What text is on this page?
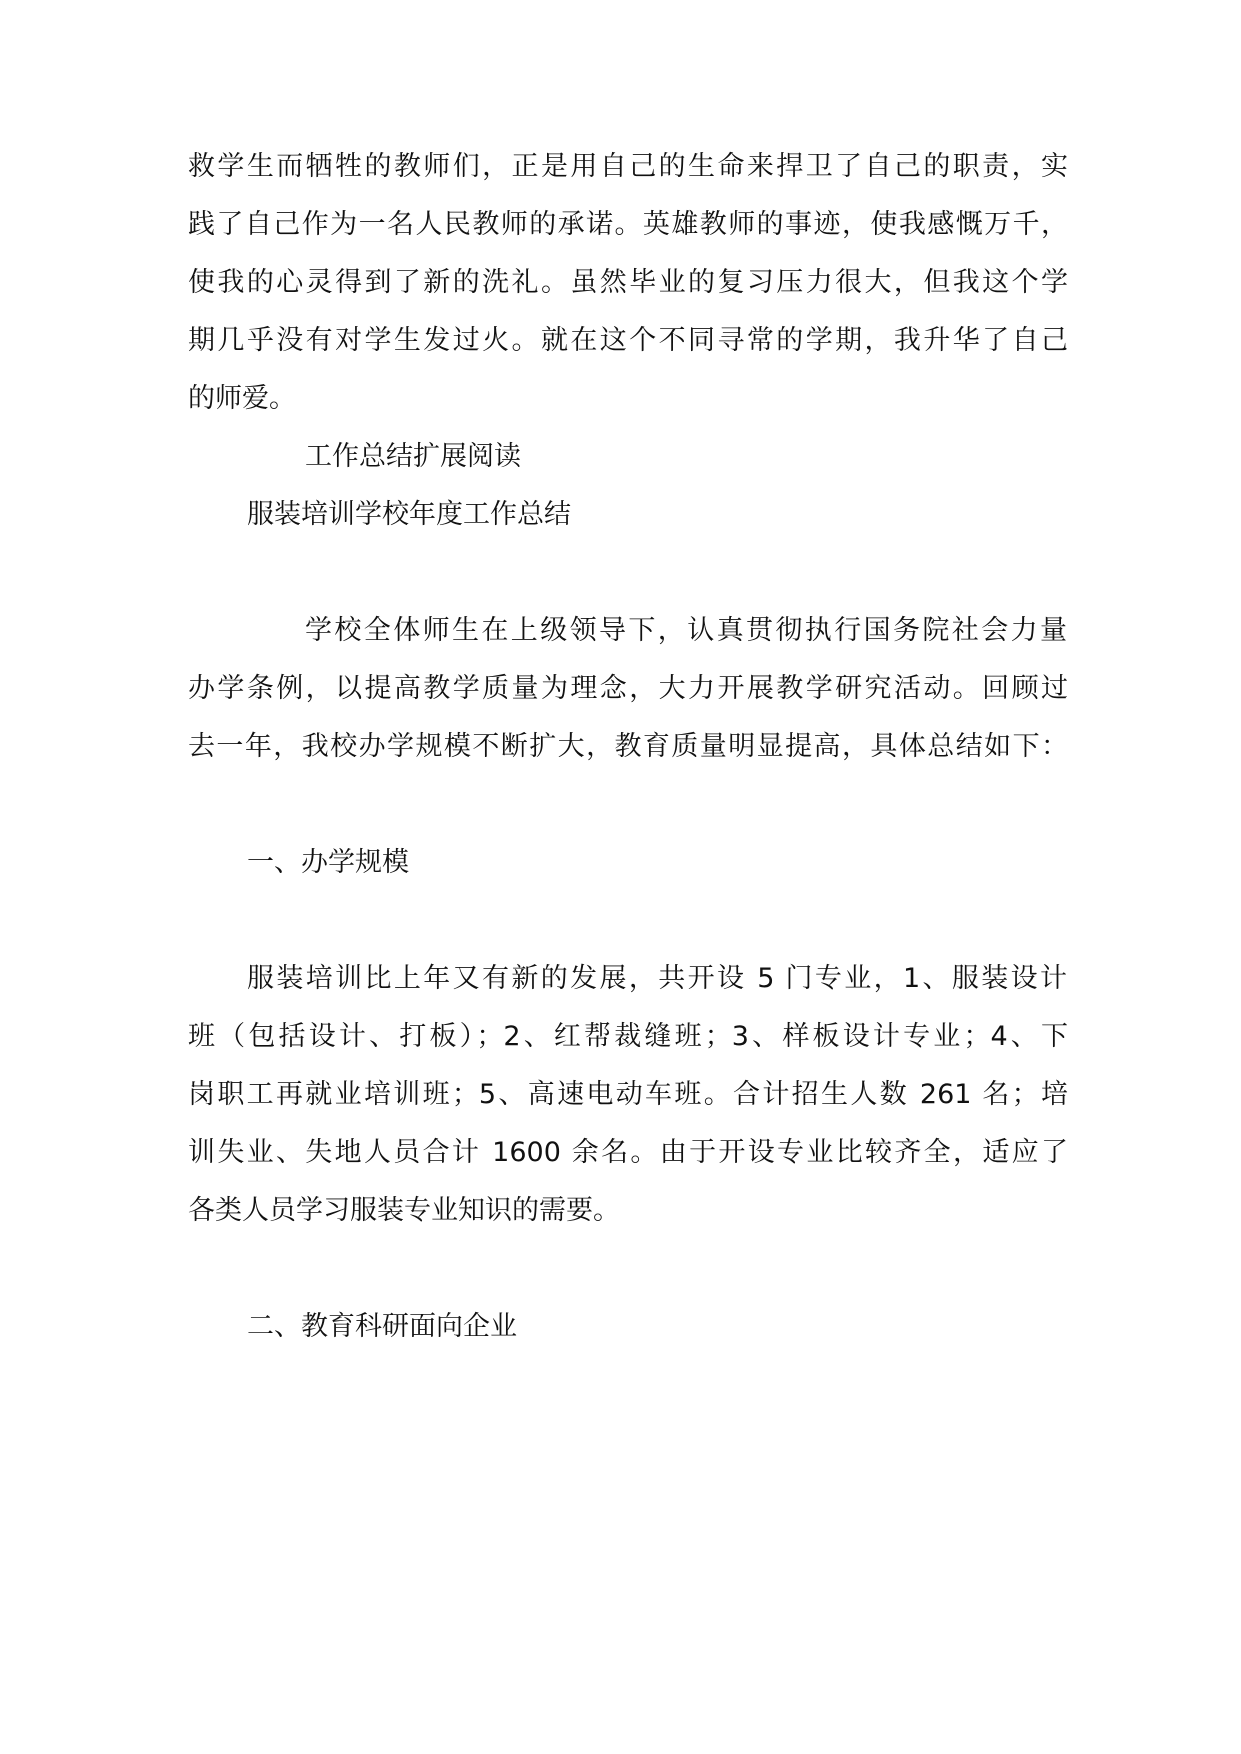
救学生而牺牲的教师们，正是用自己的生命来捍卫了自己的职责，实
践了自己作为一名人民教师的承诺。英雄教师的事迹，使我感慨万千，
使我的心灵得到了新的洗礼。虽然毕业的复习压力很大，但我这个学
期几乎没有对学生发过火。就在这个不同寻常的学期，我升华了自己
的师爱。
工作总结扩展阅读
服装培训学校年度工作总结
学校全体师生在上级领导下，认真贯彻执行国务院社会力量
办学条例，以提高教学质量为理念，大力开展教学研究活动。回顾过
去一年，我校办学规模不断扩大，教育质量明显提高，具体总结如下：
一、办学规模
服装培训比上年又有新的发展，共开设 5 门专业，1、服装设计
班（包括设计、打板）；2、红帮裁缝班；3、样板设计专业；4、下
岗职工再就业培训班；5、高速电动车班。合计招生人数 261 名；培
训失业、失地人员合计 1600 余名。由于开设专业比较齐全，适应了
各类人员学习服装专业知识的需要。
二、教育科研面向企业
